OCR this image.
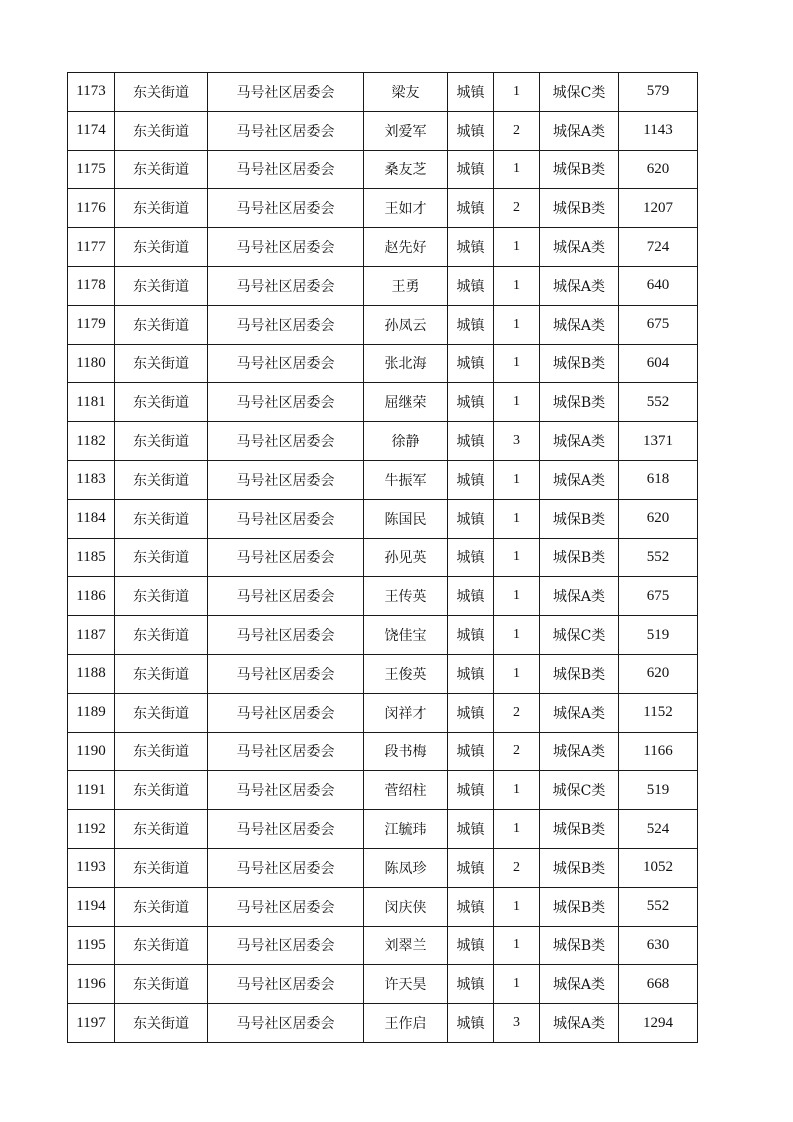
1173	东关街道	马号社区居委会	梁友	城镇	1	城保C类	579
1174	东关街道	马号社区居委会	刘爱军	城镇	2	城保A类	1143
1175	东关街道	马号社区居委会	桑友芝	城镇	1	城保B类	620
1176	东关街道	马号社区居委会	王如才	城镇	2	城保B类	1207
1177	东关街道	马号社区居委会	赵先好	城镇	1	城保A类	724
1178	东关街道	马号社区居委会	王勇	城镇	1	城保A类	640
1179	东关街道	马号社区居委会	孙凤云	城镇	1	城保A类	675
1180	东关街道	马号社区居委会	张北海	城镇	1	城保B类	604
1181	东关街道	马号社区居委会	屈继荣	城镇	1	城保B类	552
1182	东关街道	马号社区居委会	徐静	城镇	3	城保A类	1371
1183	东关街道	马号社区居委会	牛振军	城镇	1	城保A类	618
1184	东关街道	马号社区居委会	陈国民	城镇	1	城保B类	620
1185	东关街道	马号社区居委会	孙见英	城镇	1	城保B类	552
1186	东关街道	马号社区居委会	王传英	城镇	1	城保A类	675
1187	东关街道	马号社区居委会	饶佳宝	城镇	1	城保C类	519
1188	东关街道	马号社区居委会	王俊英	城镇	1	城保B类	620
1189	东关街道	马号社区居委会	闵祥才	城镇	2	城保A类	1152
1190	东关街道	马号社区居委会	段书梅	城镇	2	城保A类	1166
1191	东关街道	马号社区居委会	菅绍柱	城镇	1	城保C类	519
1192	东关街道	马号社区居委会	江毓玮	城镇	1	城保B类	524
1193	东关街道	马号社区居委会	陈凤珍	城镇	2	城保B类	1052
1194	东关街道	马号社区居委会	闵庆侠	城镇	1	城保B类	552
1195	东关街道	马号社区居委会	刘翠兰	城镇	1	城保B类	630
1196	东关街道	马号社区居委会	许天昊	城镇	1	城保A类	668
1197	东关街道	马号社区居委会	王作启	城镇	3	城保A类	1294
